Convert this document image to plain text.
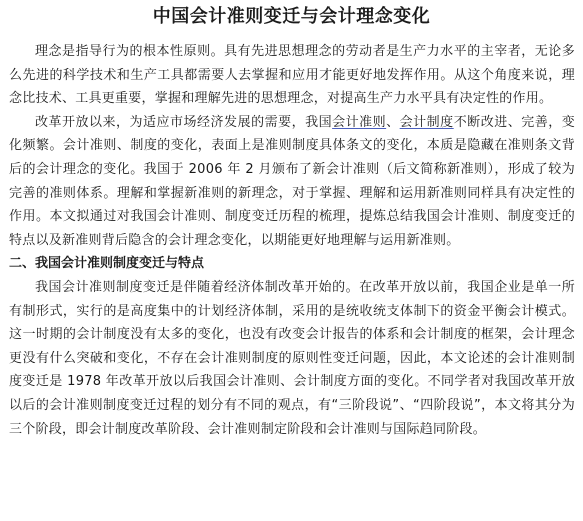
中国会计准则变迁与会计理念变化

理念是指导行为的根本性原则。具有先进思想理念的劳动者是生产力水平的主宰者，无论多么先进的科学技术和生产工具都需要人去掌握和应用才能更好地发挥作用。从这个角度来说，理念比技术、工具更重要，掌握和理解先进的思想理念，对提高生产力水平具有决定性的作用。

改革开放以来，为适应市场经济发展的需要，我国会计准则、会计制度不断改进、完善，变化频繁。会计准则、制度的变化，表面上是准则制度具体条文的变化，本质是隐藏在准则条文背后的会计理念的变化。我国于 2006 年 2 月颁布了新会计准则（后文简称新准则），形成了较为完善的准则体系。理解和掌握新准则的新理念，对于掌握、理解和运用新准则同样具有决定性的作用。本文拟通过对我国会计准则、制度变迁历程的梳理，提炼总结我国会计准则、制度变迁的特点以及新准则背后隐含的会计理念变化，以期能更好地理解与运用新准则。

二、我国会计准则制度变迁与特点

我国会计准则制度变迁是伴随着经济体制改革开始的。在改革开放以前，我国企业是单一所有制形式，实行的是高度集中的计划经济体制，采用的是统收统支体制下的资金平衡会计模式。这一时期的会计制度没有太多的变化，也没有改变会计报告的体系和会计制度的框架，会计理念更没有什么突破和变化，不存在会计准则制度的原则性变迁问题，因此，本文论述的会计准则制度变迁是 1978 年改革开放以后我国会计准则、会计制度方面的变化。不同学者对我国改革开放以后的会计准则制度变迁过程的划分有不同的观点，有“三阶段说”、“四阶段说”，本文将其分为三个阶段，即会计制度改革阶段、会计准则制定阶段和会计准则与国际趋同阶段。
